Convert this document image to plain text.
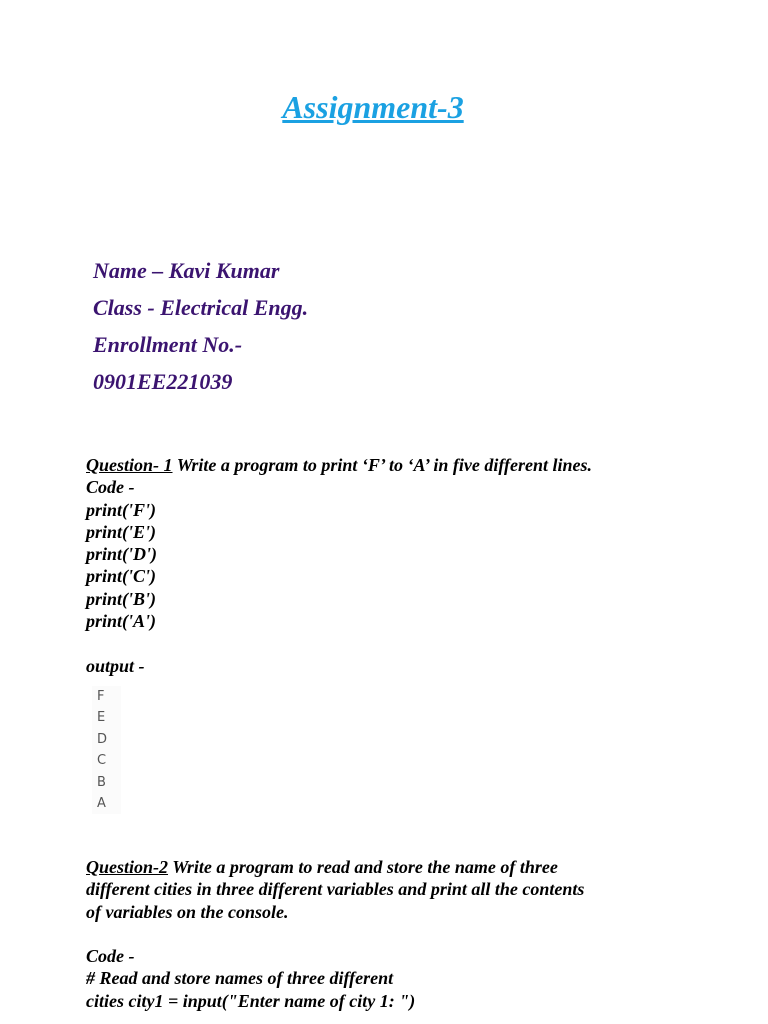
Assignment-3
Name – Kavi Kumar
Class - Electrical Engg.
Enrollment No.-
0901EE221039
Question- 1 Write a program to print ‘F’ to ‘A’ in five different lines.
Code -
print('F')
print('E')
print('D')
print('C')
print('B')
print('A')
output -
F
E
D
C
B
A
Question-2 Write a program to read and store the name of three
different cities in three different variables and print all the contents
of variables on the console.
Code -
# Read and store names of three different
cities city1 = input("Enter name of city 1: ")
